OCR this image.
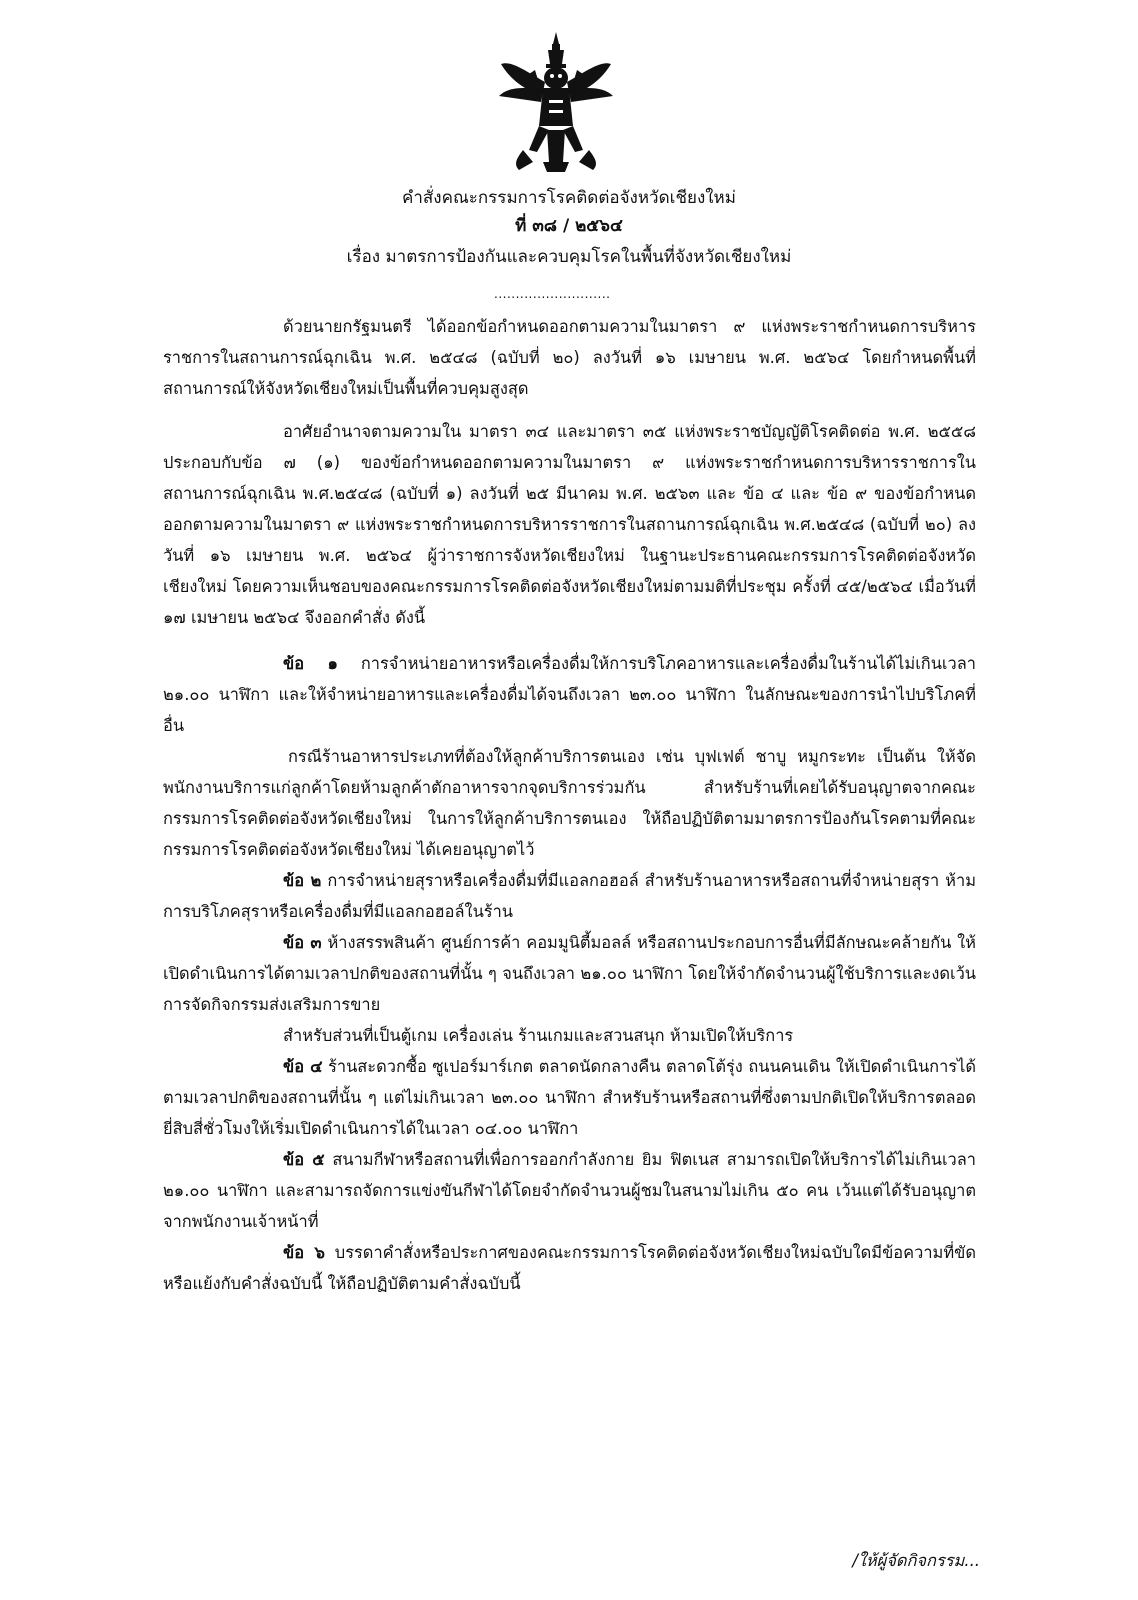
คำสั่งคณะกรรมการโรคติดต่อจังหวัดเชียงใหม่
ที่ ๓๘ / ๒๕๖๔
เรื่อง มาตรการป้องกันและควบคุมโรคในพื้นที่จังหวัดเชียงใหม่
...........................
ด้วยนายกรัฐมนตรี ได้ออกข้อกำหนดออกตามความในมาตรา ๙ แห่งพระราชกำหนดการบริหารราชการในสถานการณ์ฉุกเฉิน พ.ศ. ๒๕๔๘ (ฉบับที่ ๒๐) ลงวันที่ ๑๖ เมษายน พ.ศ. ๒๕๖๔ โดยกำหนดพื้นที่สถานการณ์ให้จังหวัดเชียงใหม่เป็นพื้นที่ควบคุมสูงสุด
อาศัยอำนาจตามความใน มาตรา ๓๔ และมาตรา ๓๕ แห่งพระราชบัญญัติโรคติดต่อ พ.ศ. ๒๕๕๘ ประกอบกับข้อ ๗ (๑) ของข้อกำหนดออกตามความในมาตรา ๙ แห่งพระราชกำหนดการบริหารราชการในสถานการณ์ฉุกเฉิน พ.ศ.๒๕๔๘ (ฉบับที่ ๑) ลงวันที่ ๒๕ มีนาคม พ.ศ. ๒๕๖๓ และ ข้อ ๔ และ ข้อ ๙ ของข้อกำหนดออกตามความในมาตรา ๙ แห่งพระราชกำหนดการบริหารราชการในสถานการณ์ฉุกเฉิน พ.ศ.๒๕๔๘ (ฉบับที่ ๒๐) ลงวันที่ ๑๖ เมษายน พ.ศ. ๒๕๖๔ ผู้ว่าราชการจังหวัดเชียงใหม่ ในฐานะประธานคณะกรรมการโรคติดต่อจังหวัดเชียงใหม่ โดยความเห็นชอบของคณะกรรมการโรคติดต่อจังหวัดเชียงใหม่ตามมติที่ประชุม ครั้งที่ ๔๕/๒๕๖๔ เมื่อวันที่ ๑๗ เมษายน ๒๕๖๔ จึงออกคำสั่ง ดังนี้
ข้อ ๑ การจำหน่ายอาหารหรือเครื่องดื่มให้การบริโภคอาหารและเครื่องดื่มในร้านได้ไม่เกินเวลา ๒๑.๐๐ นาฬิกา และให้จำหน่ายอาหารและเครื่องดื่มได้จนถึงเวลา ๒๓.๐๐ นาฬิกา ในลักษณะของการนำไปบริโภคที่อื่น
กรณีร้านอาหารประเภทที่ต้องให้ลูกค้าบริการตนเอง เช่น บุฟเฟต์ ชาบู หมูกระทะ เป็นต้น ให้จัดพนักงานบริการแก่ลูกค้าโดยห้ามลูกค้าตักอาหารจากจุดบริการร่วมกัน สำหรับร้านที่เคยได้รับอนุญาตจากคณะกรรมการโรคติดต่อจังหวัดเชียงใหม่ ในการให้ลูกค้าบริการตนเอง ให้ถือปฏิบัติตามมาตรการป้องกันโรคตามที่คณะกรรมการโรคติดต่อจังหวัดเชียงใหม่ ได้เคยอนุญาตไว้
ข้อ ๒ การจำหน่ายสุราหรือเครื่องดื่มที่มีแอลกอฮอล์ สำหรับร้านอาหารหรือสถานที่จำหน่ายสุรา ห้ามการบริโภคสุราหรือเครื่องดื่มที่มีแอลกอฮอล์ในร้าน
ข้อ ๓ ห้างสรรพสินค้า ศูนย์การค้า คอมมูนิตี้มอลล์ หรือสถานประกอบการอื่นที่มีลักษณะคล้ายกัน ให้เปิดดำเนินการได้ตามเวลาปกติของสถานที่นั้น ๆ จนถึงเวลา ๒๑.๐๐ นาฬิกา โดยให้จำกัดจำนวนผู้ใช้บริการและงดเว้นการจัดกิจกรรมส่งเสริมการขาย
สำหรับส่วนที่เป็นตู้เกม เครื่องเล่น ร้านเกมและสวนสนุก ห้ามเปิดให้บริการ
ข้อ ๔ ร้านสะดวกซื้อ ซูเปอร์มาร์เกต ตลาดนัดกลางคืน ตลาดโต้รุ่ง ถนนคนเดิน ให้เปิดดำเนินการได้ตามเวลาปกติของสถานที่นั้น ๆ แต่ไม่เกินเวลา ๒๓.๐๐ นาฬิกา สำหรับร้านหรือสถานที่ซึ่งตามปกติเปิดให้บริการตลอดยี่สิบสี่ชั่วโมงให้เริ่มเปิดดำเนินการได้ในเวลา ๐๔.๐๐ นาฬิกา
ข้อ ๕ สนามกีฬาหรือสถานที่เพื่อการออกกำลังกาย ยิม ฟิตเนส สามารถเปิดให้บริการได้ไม่เกินเวลา ๒๑.๐๐ นาฬิกา และสามารถจัดการแข่งขันกีฬาได้โดยจำกัดจำนวนผู้ชมในสนามไม่เกิน ๕๐ คน เว้นแต่ได้รับอนุญาตจากพนักงานเจ้าหน้าที่
ข้อ ๖ บรรดาคำสั่งหรือประกาศของคณะกรรมการโรคติดต่อจังหวัดเชียงใหม่ฉบับใดมีข้อความที่ขัด หรือแย้งกับคำสั่งฉบับนี้ ให้ถือปฏิบัติตามคำสั่งฉบับนี้
/ให้ผู้จัดกิจกรรม...
